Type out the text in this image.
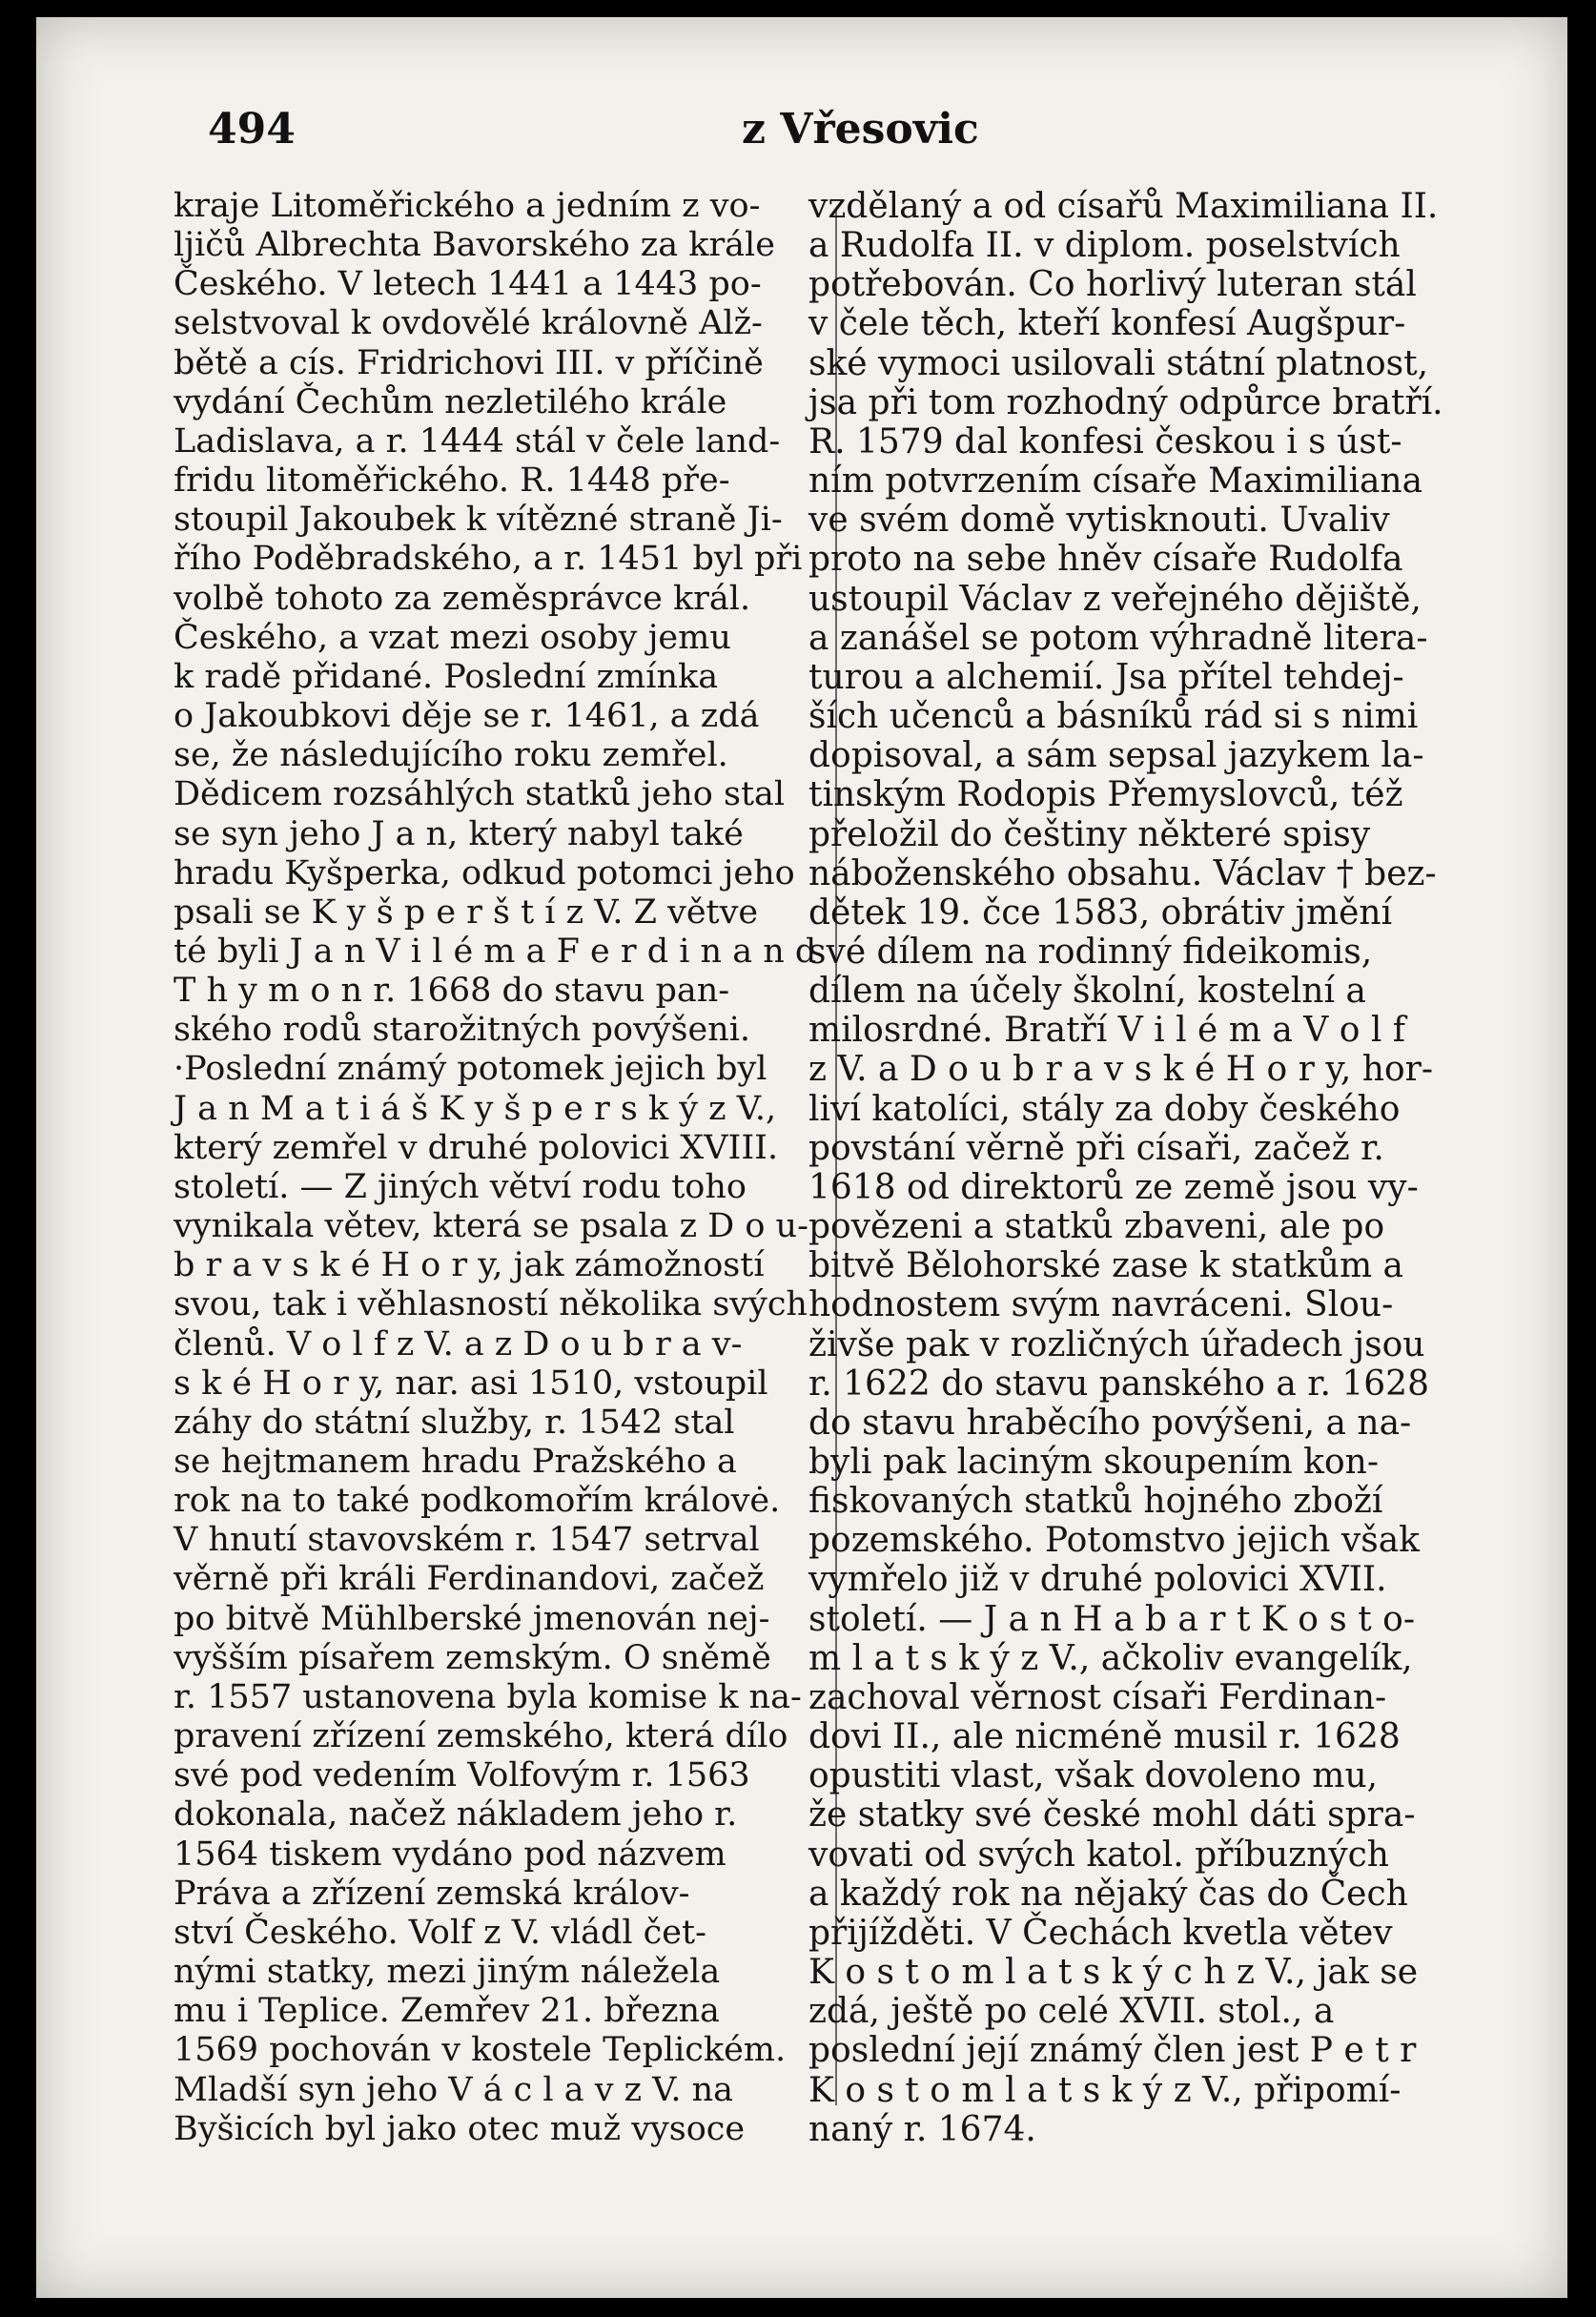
494	z Vřesovic
kraje Litoměřického a jedním z vo-
ljičů Albrechta Bavorského za krále
Českého. V letech 1441 a 1443 po-
selstvoval k ovdovělé královně Alž-
bětě a cís. Fridrichovi III. v příčině
vydání Čechům nezletilého krále
Ladislava, a r. 1444 stál v čele land-
fridu litoměřického. R. 1448 pře-
stoupil Jakoubek k vítězné straně Ji-
řího Poděbradského, a r. 1451 byl při
volbě tohoto za zeměsprávce král.
Českého, a vzat mezi osoby jemu
k radě přidané. Poslední zmínka
o Jakoubkovi děje se r. 1461, a zdá
se, že následujícího roku zemřel.
Dědicem rozsáhlých statků jeho stal
se syn jeho J a n, který nabyl také
hradu Kyšperka, odkud potomci jeho
psali se K y š p e r š t í z V. Z větve
té byli J a n V i l é m a F e r d i n a n d
T h y m o n r. 1668 do stavu pan-
ského rodů starožitných povýšeni.
·Poslední známý potomek jejich byl
J a n M a t i á š K y š p e r s k ý z V.,
který zemřel v druhé polovici XVIII.
století. — Z jiných větví rodu toho
vynikala větev, která se psala z D o u-
b r a v s k é H o r y, jak zámožností
svou, tak i věhlasností několika svých
členů. V o l f z V. a z D o u b r a v-
s k é H o r y, nar. asi 1510, vstoupil
záhy do státní služby, r. 1542 stal
se hejtmanem hradu Pražského a
rok na to také podkomořím královė.
V hnutí stavovském r. 1547 setrval
věrně při králi Ferdinandovi, začež
po bitvě Mühlberské jmenován nej-
vyšším písařem zemským. O sněmě
r. 1557 ustanovena byla komise k na-
pravení zřízení zemského, která dílo
své pod vedením Volfovým r. 1563
dokonala, načež nákladem jeho r.
1564 tiskem vydáno pod názvem
Práva a zřízení zemská králov-
ství Českého. Volf z V. vládl čet-
nými statky, mezi jiným náležela
mu i Teplice. Zemřev 21. března
1569 pochován v kostele Teplickém.
Mladší syn jeho V á c l a v z V. na
Byšicích byl jako otec muž vysoce
vzdělaný a od císařů Maximiliana II.
a Rudolfa II. v diplom. poselstvích
potřebován. Co horlivý luteran stál
v čele těch, kteří konfesí Augšpur-
ské vymoci usilovali státní platnost,
jsa při tom rozhodný odpůrce bratří.
R. 1579 dal konfesi českou i s úst-
ním potvrzením císaře Maximiliana
ve svém domě vytisknouti. Uvaliv
proto na sebe hněv císaře Rudolfa
ustoupil Václav z veřejného dějiště,
a zanášel se potom výhradně litera-
turou a alchemií. Jsa přítel tehdej-
ších učenců a básníků rád si s nimi
dopisoval, a sám sepsal jazykem la-
tinským Rodopis Přemyslovců, též
přeložil do češtiny některé spisy
náboženského obsahu. Václav † bez-
dětek 19. čce 1583, obrátiv jmění
své dílem na rodinný fideikomis,
dílem na účely školní, kostelní a
milosrdné. Bratří V i l é m a V o l f
z V. a D o u b r a v s k é H o r y, hor-
liví katolíci, stály za doby českého
povstání věrně při císaři, začež r.
1618 od direktorů ze země jsou vy-
povězeni a statků zbaveni, ale po
bitvě Bělohorské zase k statkům a
hodnostem svým navráceni. Slou-
živše pak v rozličných úřadech jsou
r. 1622 do stavu panského a r. 1628
do stavu hraběcího povýšeni, a na-
byli pak laciným skoupením kon-
fiskovaných statků hojného zboží
pozemského. Potomstvo jejich však
vymřelo již v druhé polovici XVII.
století. — J a n H a b a r t K o s t o-
m l a t s k ý z V., ačkoliv evangelík,
zachoval věrnost císaři Ferdinan-
dovi II., ale nicméně musil r. 1628
opustiti vlast, však dovoleno mu,
že statky své české mohl dáti spra-
vovati od svých katol. příbuzných
a každý rok na nějaký čas do Čech
přijížděti. V Čechách kvetla větev
K o s t o m l a t s k ý c h z V., jak se
zdá, ještě po celé XVII. stol., a
poslední její známý člen jest P e t r
K o s t o m l a t s k ý z V., připomí-
naný r. 1674.
